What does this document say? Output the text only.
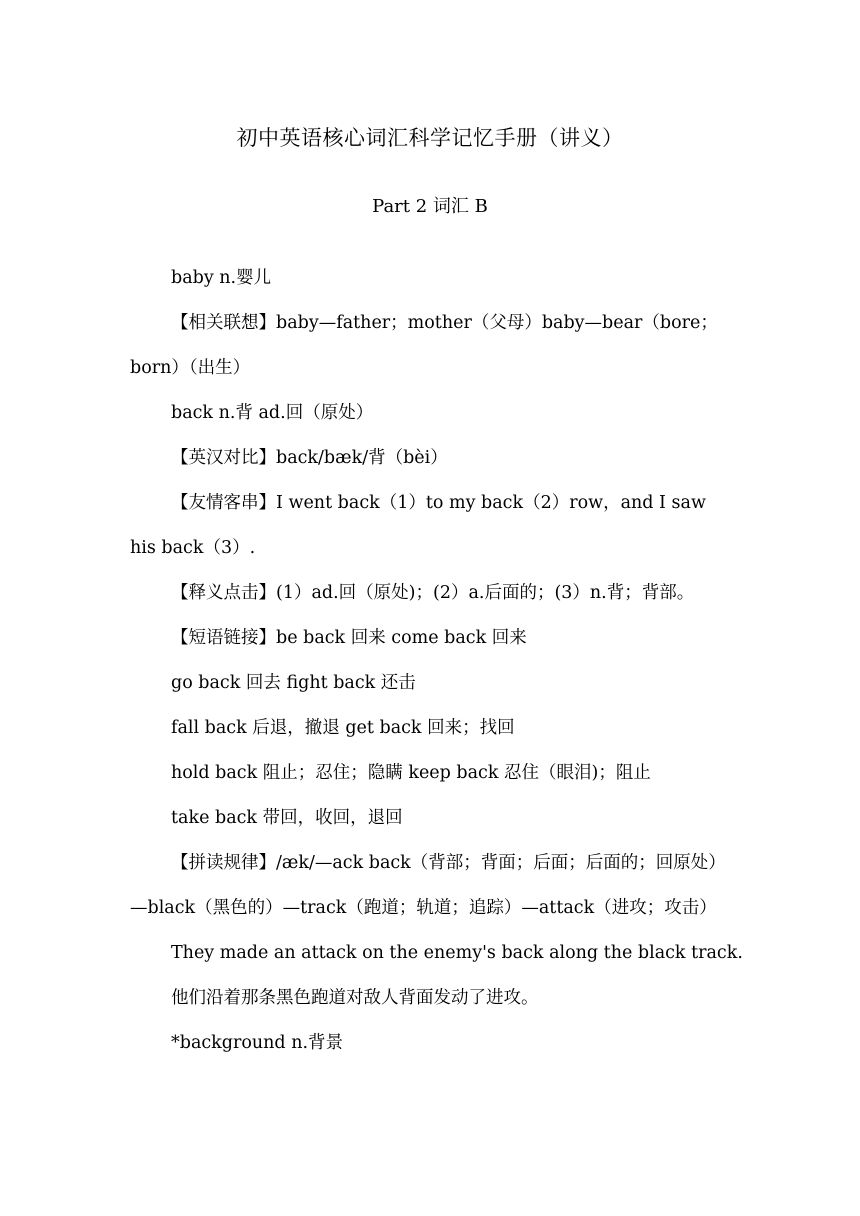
初中英语核心词汇科学记忆手册（讲义）
Part 2 词汇 B
baby n.婴儿
【相关联想】baby—father；mother（父母）baby—bear（bore；born）（出生）
back n.背 ad.回（原处）
【英汉对比】back/bæk/背（bèi）
【友情客串】I went back（1）to my back（2）row，and I saw his back（3）.
【释义点击】(1）ad.回（原处)；(2）a.后面的；(3）n.背；背部。
【短语链接】be back 回来 come back 回来
go back 回去 fight back 还击
fall back 后退，撤退 get back 回来；找回
hold back 阻止；忍住；隐瞒 keep back 忍住（眼泪)；阻止
take back 带回，收回，退回
【拼读规律】/æk/—ack back（背部；背面；后面；后面的；回原处）—black（黑色的）—track（跑道；轨道；追踪）—attack（进攻；攻击）
They made an attack on the enemy's back along the black track.
他们沿着那条黑色跑道对敌人背面发动了进攻。
*background n.背景
